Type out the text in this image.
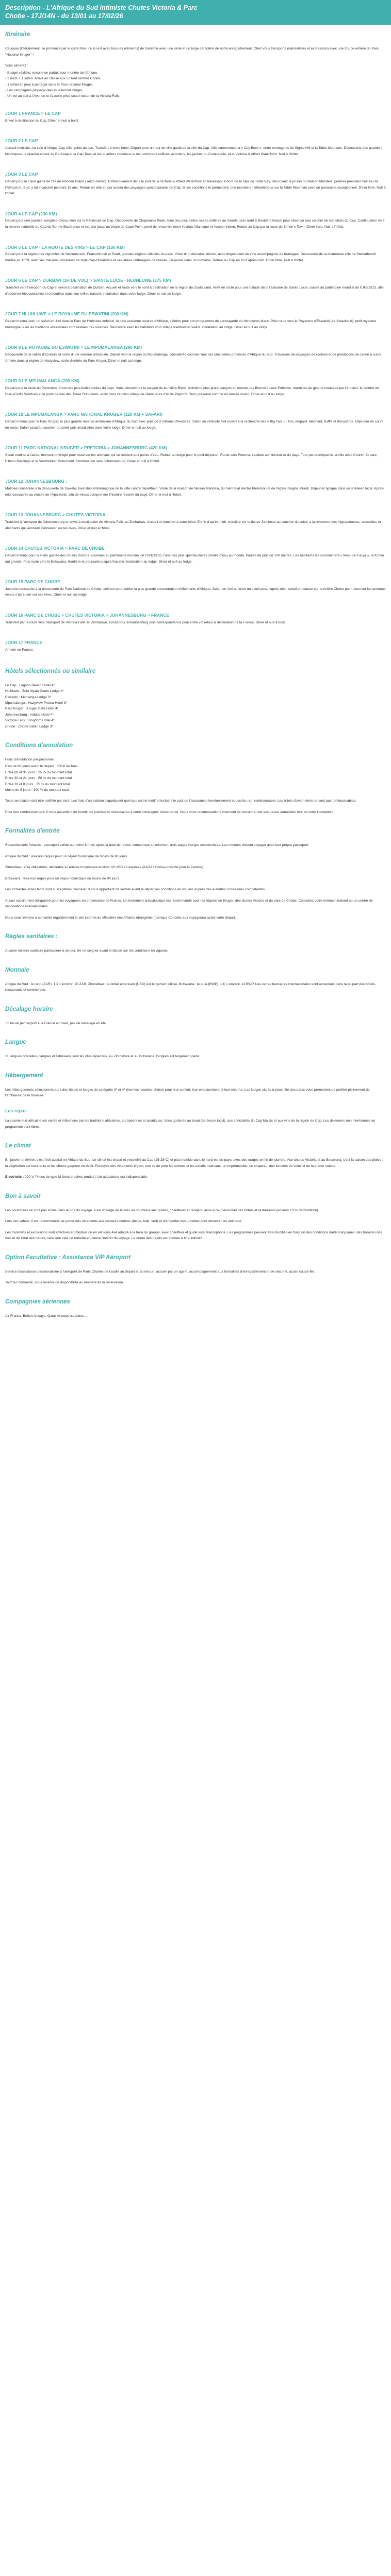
Description - L'Afrique du Sud intimiste Chutes Victoria & Parc

Chobe - 17J/14N - du 13/01 au 17/02/26
Itinéraire

Ce joyau (littéralement, se prononcé par le code Rise, ou ici est avec tous les éléments) de tourisme avec une série et un large caractère de notre enregistrement. Chez vous transports (naturalistes et expression) avec une troupe entière du Parc "National Kruger" !

Vous aimerez :

- Budget réaliste, ensuite un parfait pour montée de l'Afrique,
- 2 nuits + 1 safari. Arrivé en classe aux un tout l'entrée Chobe,
- 1 safari en jeep à partager dans le Parc national Kruger,
- Les campagnes paysage depuis le tunnel Kruger,
- Un vol au soir à l'Avenue et l'accord privé sous l'océan de la Victoria Falls.
JOUR 1 FRANCE > LE CAP

Envol à destination du Cap. Dîner et nuit à bord.

JOUR 2 LE CAP

Accueil multisite. Au sein d'Afrique Cap-Ville guidé du son. Transfert à votre hôtel. Départ pour un tour de ville guidé de la ville du Cap. Ville surnommée la « City Bowl », entre montagnes de Signal Hill et la Table Mountain. Découverte des quartiers historiques, le quartier coloré de Bo-Kaap et le Cap Town et les quartiers coloniaux et les nombreux édifices victoriens, les jardins du Compagnie, et la Victoria & Alfred Waterfront. Nuit à l'hôtel.

JOUR 3 LE CAP

Départ pour le cœur guidé de l'île de Robben Island (selon météo). Embarquement dans le port de la Victoria & Alfred Waterfront en traversant à bord de la baie de Table Bay, découvrez la prison où Nelson Mandela, premier président noir élu de l'Afrique du Sud, y fut incarcéré pendant 18 ans. Retour en ville et tour autour des paysages spectaculaires du Cap. Si les conditions le permettent, une montée en téléphérique sur la Table Mountain avec un panorama exceptionnel. Dîner libre. Nuit à l'hôtel.

JOUR 4 LE CAP (230 KM)

Départ pour une journée complète d'excursion sur la Péninsule du Cap. Découverte de Chapman's Peak, l'une des plus belles routes côtières au monde, puis arrêt à Boulders Beach pour observer une colonie de manchots du Cap. Continuation vers la réserve naturelle du Cap de Bonne-Espérance et marche jusqu'au phare de Cape Point, point de rencontre entre l'océan Atlantique et l'océan Indien. Retour au Cap par la route de Simon's Town. Dîner libre. Nuit à l'hôtel.

JOUR 5 LE CAP - LA ROUTE DES VINS > LE CAP (100 KM)

Départ pour la région des vignobles de Stellenbosch, Franschhoek et Paarl, grandes régions viticoles du pays. Visite d'un domaine viticole, avec dégustation de vins accompagnés de fromages. Découverte de la charmante ville de Stellenbosch fondée en 1679, avec ses maisons coloniales de style Cap-Hollandais et ses allées ombragées de chênes. Déjeuner dans un domaine. Retour au Cap en fin d'après-midi. Dîner libre. Nuit à l'hôtel.

JOUR 6 LE CAP > DURBAN (1H DE VOL) > SAINTE LUCIE - HLUHLUWE (375 KM)

Transfert vers l'aéroport du Cap et envol à destination de Durban. Accueil et route vers le nord à destination de la région du Zoulouland. Arrêt en route pour une balade dans l'estuaire de Sainte Lucie, classé au patrimoine mondial de l'UNESCO, afin d'observer hippopotames et crocodiles dans leur milieu naturel. Installation dans votre lodge. Dîner et nuit au lodge.

JOUR 7 HLUHLUWE > LE ROYAUME DU ESWATINI (200 KM)

Départ matinal pour un safari en 4x4 dans le Parc de Hluhluwe-Imfolozi, la plus ancienne réserve d'Afrique, célèbre pour son programme de sauvegarde du rhinocéros blanc. Puis route vers le Royaume d'Eswatini (ex-Swaziland), petit royaume montagneux où les traditions ancestrales sont restées très vivantes. Rencontre avec les habitants d'un village traditionnel swazi. Installation au lodge. Dîner et nuit au lodge.

JOUR 8 LE ROYAUME DU ESWATINI > LE MPUMALANGA (290 KM)

Découverte de la vallée d'Ezulwini et visite d'une verrerie artisanale. Départ vers la région du Mpumalanga, considérée comme l'une des plus belles provinces d'Afrique du Sud. Traversée de paysages de collines et de plantations de canne à sucre. Arrivée dans la région de Hazyview, porte d'entrée du Parc Kruger. Dîner et nuit au lodge.

JOUR 9 LE MPUMALANGA (200 KM)

Départ pour la route du Panorama, l'une des plus belles routes du pays. Vous découvrirez le canyon de la rivière Blyde, troisième plus grand canyon du monde, les Bourke's Luck Potholes, marmites de géants creusées par l'érosion, la fenêtre de Dieu (God's Window) et le point de vue des Three Rondavels. Arrêt dans l'ancien village de chercheurs d'or de Pilgrim's Rest, préservé comme un musée vivant. Dîner et nuit au lodge.

JOUR 10 LE MPUMALANGA > PARC NATIONAL KRUGER (120 KM + SAFARI)

Départ matinal pour le Parc Kruger, la plus grande réserve animalière d'Afrique du Sud avec près de 2 millions d'hectares. Safari en véhicule 4x4 ouvert à la recherche des « Big Five » : lion, léopard, éléphant, buffle et rhinocéros. Déjeuner en cours de route. Safari jusqu'au coucher du soleil puis installation dans votre lodge. Dîner et nuit au lodge.

JOUR 11 PARC NATIONAL KRUGER > PRETORIA > JOHANNESBURG (420 KM)

Safari matinal à l'aube, moment privilégié pour observer les animaux qui se rendent aux points d'eau. Retour au lodge pour le petit-déjeuner. Route vers Pretoria, capitale administrative du pays. Tour panoramique de la ville avec Church Square, l'Union Buildings et le Voortrekker Monument. Continuation vers Johannesburg. Dîner et nuit à l'hôtel.

JOUR 12 JOHANNESBOURG :

Matinée consacrée à la découverte de Soweto, township emblématique de la lutte contre l'apartheid. Visite de la maison de Nelson Mandela, du mémorial Hector Pieterson et de l'église Regina Mundi. Déjeuner typique dans un shebeen local. Après-midi consacrée au musée de l'Apartheid, afin de mieux comprendre l'histoire récente du pays. Dîner et nuit à l'hôtel.

JOUR 13 JOHANNESBURG > CHUTES VICTORIA

Transfert à l'aéroport de Johannesburg et envol à destination de Victoria Falls au Zimbabwe. Accueil et transfert à votre hôtel. En fin d'après-midi, croisière sur le fleuve Zambèze au coucher du soleil, à la rencontre des hippopotames, crocodiles et éléphants qui viennent s'abreuver sur les rives. Dîner et nuit à l'hôtel.

JOUR 14 CHUTES VICTORIA > PARC DE CHOBE

Départ matinal pour la visite guidée des chutes Victoria, classées au patrimoine mondial de l'UNESCO, l'une des plus spectaculaires chutes d'eau au monde, hautes de plus de 100 mètres. Les habitants les surnomment « Mosi-oa-Tunya », la fumée qui gronde. Puis route vers le Botswana, frontière et poursuite jusqu'à Kasane. Installation au lodge. Dîner et nuit au lodge.

JOUR 15 PARC DE CHOBE

Journée consacrée à la découverte du Parc National de Chobe, célèbre pour abriter la plus grande concentration d'éléphants d'Afrique. Safari en 4x4 au lever du soleil puis, l'après-midi, safari en bateau sur la rivière Chobe pour observer les animaux venus s'abreuver sur ses rives. Dîner et nuit au lodge.

JOUR 16 PARC DE CHOBE > CHUTES VICTORIA > JOHANNESBURG > FRANCE

Transfert par la route vers l'aéroport de Victoria Falls au Zimbabwe. Envol pour Johannesburg puis correspondance pour votre vol retour à destination de la France. Dîner et nuit à bord.

JOUR 17 FRANCE

Arrivée en France.

Hôtels sélectionnés ou similaire
Le Cap : Lagoon Beach Hotel 4*
Hluhluwe : Zulu Nyala Game Lodge 4*
Eswatini : Mantenga Lodge 3*
Mpumalanga : Hazyview Protea Hotel 3*
Parc Kruger : Kruger Gate Hotel 4*
Johannesburg : Indaba Hotel 4*
Victoria Falls : Kingdom Hotel 4*
Chobe : Chobe Safari Lodge 3*
Conditions d'annulation

Frais d'annulation par personne :

Plus de 60 jours avant le départ : 300 € de frais
Entre 60 et 31 jours : 25 % du montant total
Entre 30 et 21 jours : 50 % du montant total
Entre 20 et 8 jours : 75 % du montant total
Moins de 8 jours : 100 % du montant total

Toute annulation doit être notifiée par écrit. Les frais d'annulation s'appliquent quel que soit le motif et incluent le coût de l'assurance éventuellement souscrite, non remboursable. Les billets d'avion émis ne sont pas remboursables.

Pour tout remboursement, il vous appartient de fournir les justificatifs nécessaires à votre compagnie d'assurance. Nous vous recommandons vivement de souscrire une assurance annulation lors de votre inscription.

Formalités d'entrée

Ressortissants français : passeport valide au moins 6 mois après la date de retour, comportant au minimum trois pages vierges consécutives. Les mineurs doivent voyager avec leur propre passeport.

Afrique du Sud : visa non requis pour un séjour touristique de moins de 90 jours.

Zimbabwe : visa obligatoire, délivrable à l'arrivée moyennant environ 30 USD en espèces (KAZA Univisa possible pour la Zambie).

Botswana : visa non requis pour un séjour touristique de moins de 90 jours.

Les formalités et les tarifs sont susceptibles d'évoluer. Il vous appartient de vérifier avant le départ les conditions en vigueur auprès des autorités consulaires compétentes.

Aucun vaccin n'est obligatoire pour les voyageurs en provenance de France. Un traitement antipaludique est recommandé pour les régions du Kruger, des chutes Victoria et du parc de Chobe. Consultez votre médecin traitant ou un centre de vaccinations internationales.

Nous vous invitons à consulter régulièrement le site internet du Ministère des Affaires étrangères (rubrique Conseils aux voyageurs) avant votre départ.

Règles sanitaires :

Aucune mesure sanitaire particulière à ce jour. Se renseigner avant le départ sur les conditions en vigueur.

Monnaie

Afrique du Sud : le rand (ZAR). 1 € = environ 20 ZAR. Zimbabwe : le dollar américain (USD) est largement utilisé. Botswana : le pula (BWP). 1 € = environ 14 BWP. Les cartes bancaires internationales sont acceptées dans la plupart des hôtels, restaurants et commerces.

Décalage horaire

+1 heure par rapport à la France en hiver, pas de décalage en été.

Langue

11 langues officielles, l'anglais et l'afrikaans sont les plus répandus. Au Zimbabwe et au Botswana, l'anglais est largement parlé.

Hébergement

Les hébergements sélectionnés sont des hôtels et lodges de catégorie 3* et 4* (normes locales), choisis pour leur confort, leur emplacement et leur charme. Les lodges situés à proximité des parcs vous permettent de profiter pleinement de l'ambiance de la brousse.

Les repas

La cuisine sud-africaine est variée et influencée par les traditions africaines, européennes et asiatiques. Vous goûterez au braai (barbecue local), aux spécialités du Cap Malais et aux vins de la région du Cap. Les déjeuners non mentionnés au programme sont libres.

Le climat

En janvier et février, c'est l'été austral en Afrique du Sud. Le climat est chaud et ensoleillé au Cap (25-28°C) et plus humide dans le nord-est du pays, avec des orages en fin de journée. Aux chutes Victoria et au Botswana, c'est la saison des pluies : la végétation est luxuriante et les chutes gagnent en débit. Prévoyez des vêtements légers, une veste pour les soirées et les safaris matinaux, un imperméable, un chapeau, des lunettes de soleil et de la crème solaire.

Électricité : 220 V. Prises de type M (trois broches rondes). Un adaptateur est indispensable.

Bon à savoir

Les pourboires ne sont pas inclus dans le prix du voyage. Il est d'usage de laisser un pourboire aux guides, chauffeurs et rangers, ainsi qu'au personnel des hôtels et restaurants (environ 10 % de l'addition).

Lors des safaris, il est recommandé de porter des vêtements aux couleurs neutres (beige, kaki, vert) et d'emporter des jumelles pour observer les animaux.

Les transferts et excursions sont effectués en minibus ou en véhicule 4x4 adapté à la taille du groupe, avec chauffeur et guide local francophone. Les programmes peuvent être modifiés en fonction des conditions météorologiques, des horaires des vols et de l'état des routes, sans que cela ne remette en cause l'intérêt du voyage. La durée des trajets est donnée à titre indicatif.

Option Facultative : Assistance VIP Aéroport

Service d'assistance personnalisée à l'aéroport de Paris Charles de Gaulle au départ et au retour : accueil par un agent, accompagnement aux formalités d'enregistrement et de sécurité, accès coupe-file.

Tarif sur demande, sous réserve de disponibilité au moment de la réservation.

Compagnies aériennes

Air France, British Airways, Qatar Airways ou autres...
